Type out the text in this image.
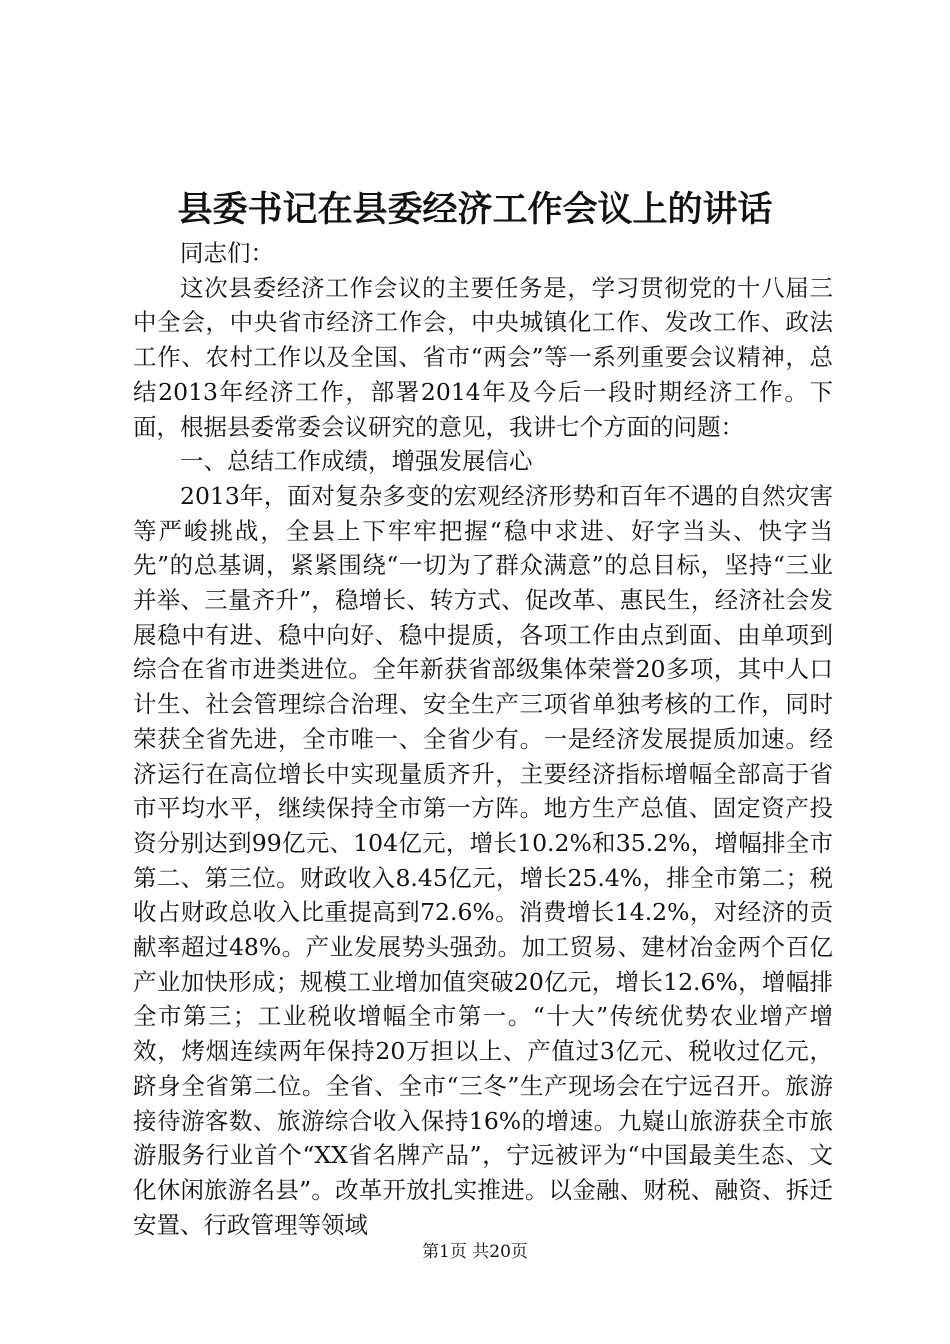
县委书记在县委经济工作会议上的讲话

同志们：

这次县委经济工作会议的主要任务是，学习贯彻党的十八届三中全会，中央省市经济工作会，中央城镇化工作、发改工作、政法工作、农村工作以及全国、省市“两会”等一系列重要会议精神，总结2013年经济工作，部署2014年及今后一段时期经济工作。下面，根据县委常委会议研究的意见，我讲七个方面的问题：

一、总结工作成绩，增强发展信心

2013年，面对复杂多变的宏观经济形势和百年不遇的自然灾害等严峻挑战，全县上下牢牢把握“稳中求进、好字当头、快字当先”的总基调，紧紧围绕“一切为了群众满意”的总目标，坚持“三业并举、三量齐升”，稳增长、转方式、促改革、惠民生，经济社会发展稳中有进、稳中向好、稳中提质，各项工作由点到面、由单项到综合在省市进类进位。全年新获省部级集体荣誉20多项，其中人口计生、社会管理综合治理、安全生产三项省单独考核的工作，同时荣获全省先进，全市唯一、全省少有。一是经济发展提质加速。经济运行在高位增长中实现量质齐升，主要经济指标增幅全部高于省市平均水平，继续保持全市第一方阵。地方生产总值、固定资产投资分别达到99亿元、104亿元，增长10.2%和35.2%，增幅排全市第二、第三位。财政收入8.45亿元，增长25.4%，排全市第二；税收占财政总收入比重提高到72.6%。消费增长14.2%，对经济的贡献率超过48%。产业发展势头强劲。加工贸易、建材冶金两个百亿产业加快形成；规模工业增加值突破20亿元，增长12.6%，增幅排全市第三；工业税收增幅全市第一。“十大”传统优势农业增产增效，烤烟连续两年保持20万担以上、产值过3亿元、税收过亿元，跻身全省第二位。全省、全市“三冬”生产现场会在宁远召开。旅游接待游客数、旅游综合收入保持16%的增速。九嶷山旅游获全市旅游服务行业首个“XX省名牌产品”，宁远被评为“中国最美生态、文化休闲旅游名县”。改革开放扎实推进。以金融、财税、融资、拆迁安置、行政管理等领域

第1页 共20页
